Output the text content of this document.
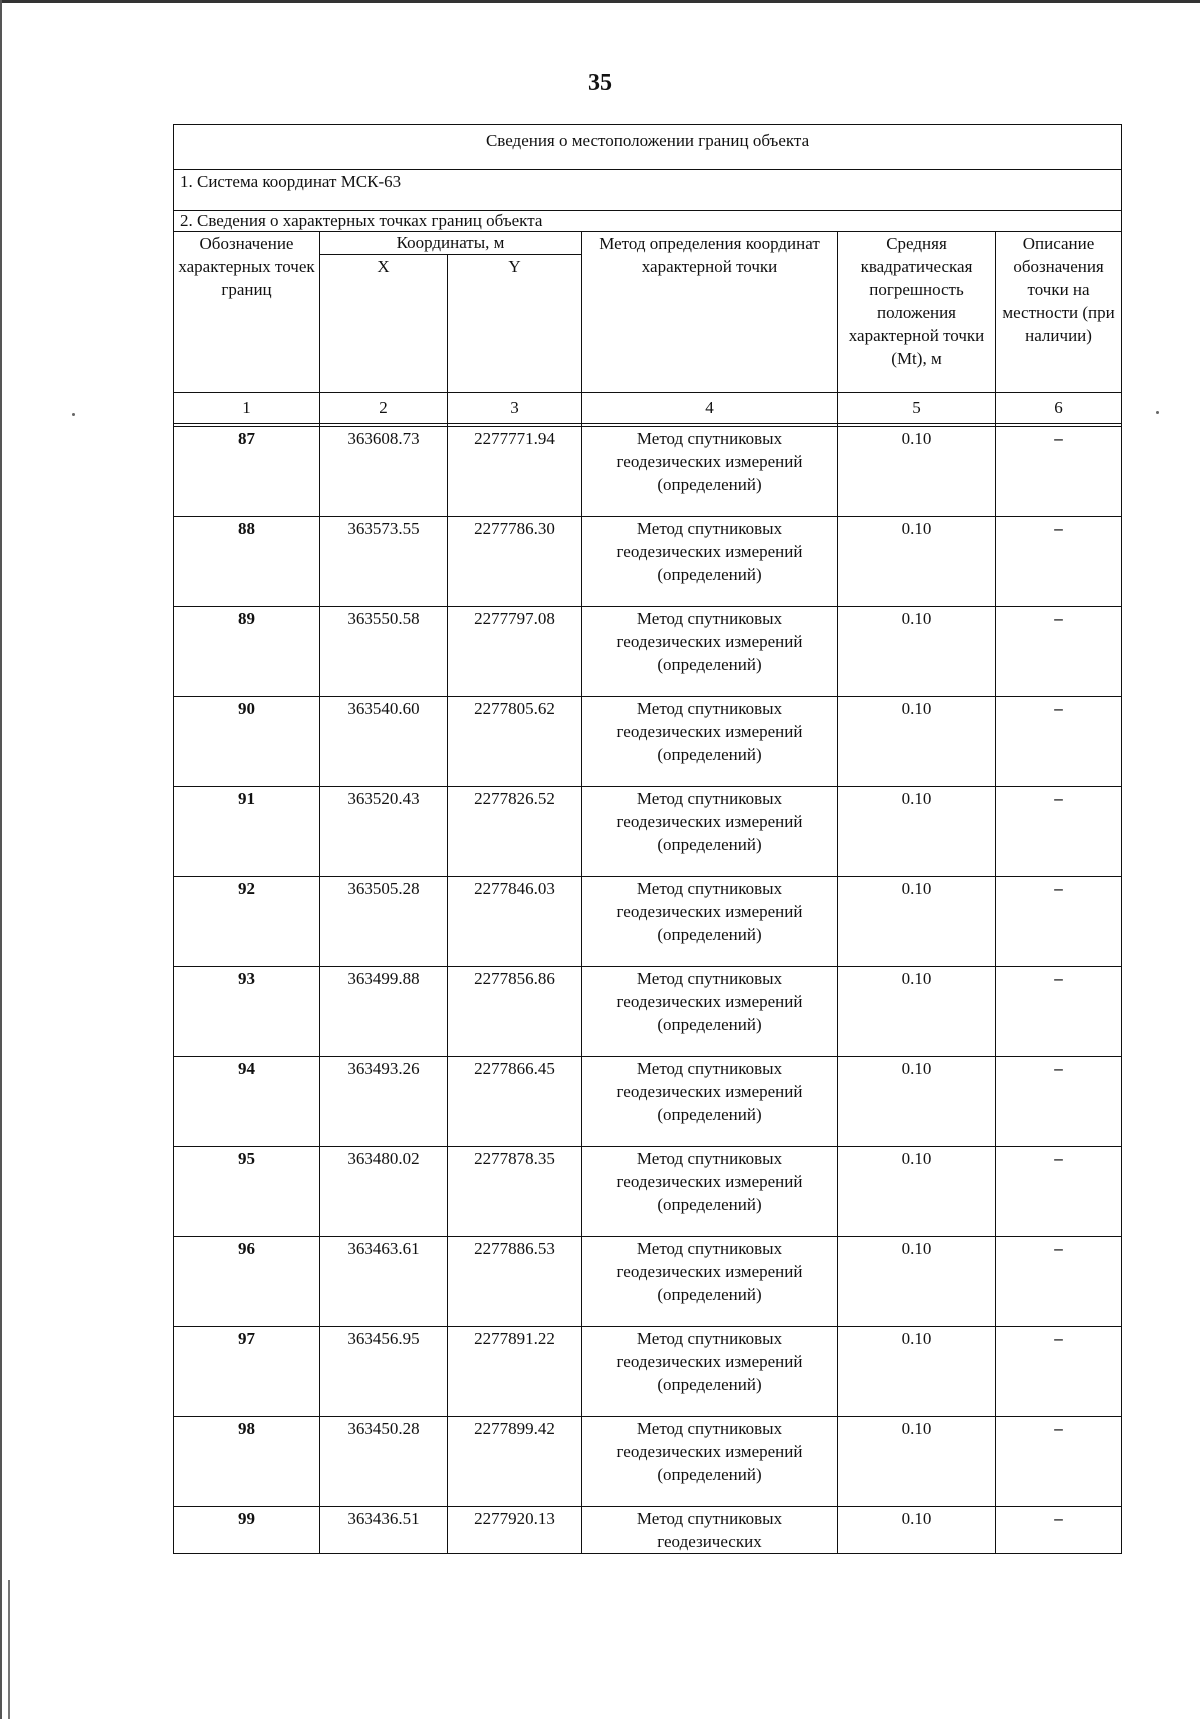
35
Сведения о местоположении границ объекта					
1. Система координат МСК-63					
2. Сведения о характерных точках границ объекта					
Обозначение характерных точек границ	Координаты, м		Метод определения координат характерной точки	Средняя квадратическая погрешность положения характерной точки (Mt), м	Описание обозначения точки на местности (при наличии)
	X	Y			
1	2	3	4	5	6

87	363608.73	2277771.94	Метод спутниковых геодезических измерений (определений)	0.10	–
88	363573.55	2277786.30	Метод спутниковых геодезических измерений (определений)	0.10	–
89	363550.58	2277797.08	Метод спутниковых геодезических измерений (определений)	0.10	–
90	363540.60	2277805.62	Метод спутниковых геодезических измерений (определений)	0.10	–
91	363520.43	2277826.52	Метод спутниковых геодезических измерений (определений)	0.10	–
92	363505.28	2277846.03	Метод спутниковых геодезических измерений (определений)	0.10	–
93	363499.88	2277856.86	Метод спутниковых геодезических измерений (определений)	0.10	–
94	363493.26	2277866.45	Метод спутниковых геодезических измерений (определений)	0.10	–
95	363480.02	2277878.35	Метод спутниковых геодезических измерений (определений)	0.10	–
96	363463.61	2277886.53	Метод спутниковых геодезических измерений (определений)	0.10	–
97	363456.95	2277891.22	Метод спутниковых геодезических измерений (определений)	0.10	–
98	363450.28	2277899.42	Метод спутниковых геодезических измерений (определений)	0.10	–
99	363436.51	2277920.13	Метод спутниковых геодезических	0.10	–
